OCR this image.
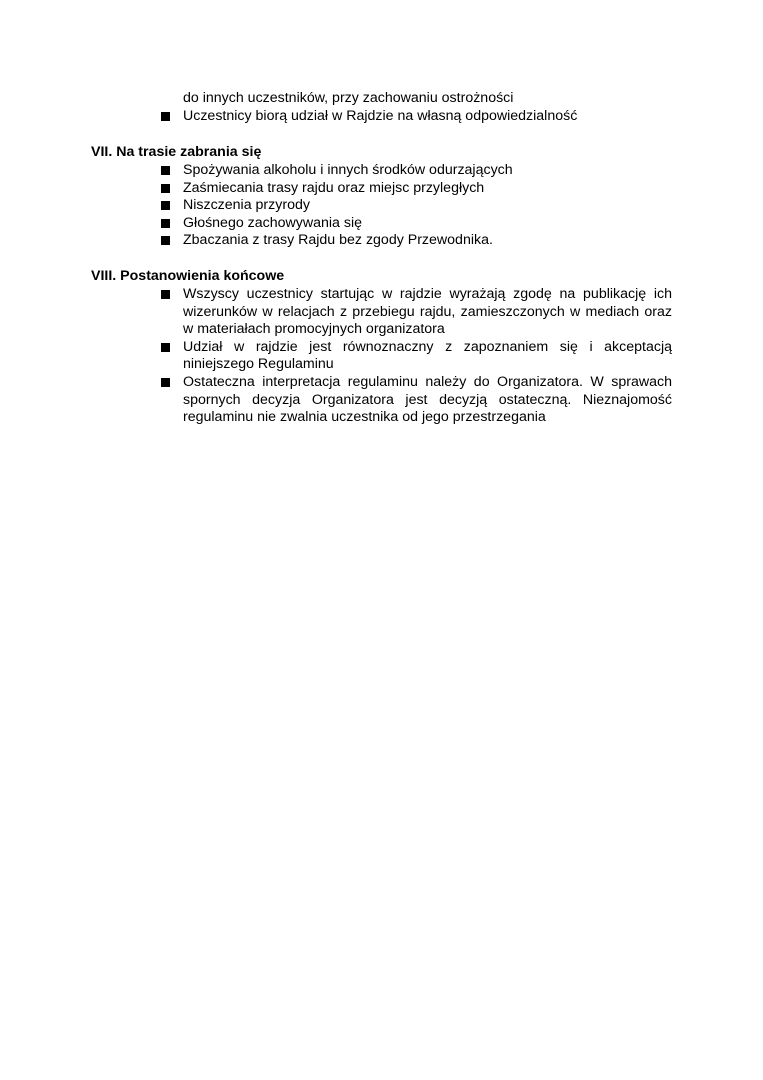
do innych uczestników, przy zachowaniu ostrożności
Uczestnicy biorą udział w Rajdzie na własną odpowiedzialność
VII. Na trasie zabrania się
Spożywania alkoholu i innych środków odurzających
Zaśmiecania trasy rajdu oraz miejsc przyległych
Niszczenia przyrody
Głośnego zachowywania się
Zbaczania z trasy Rajdu bez zgody Przewodnika.
VIII. Postanowienia końcowe
Wszyscy uczestnicy startując w rajdzie wyrażają zgodę na publikację ich wizerunków w relacjach z przebiegu rajdu, zamieszczonych w mediach oraz w materiałach promocyjnych organizatora
Udział w rajdzie jest równoznaczny z zapoznaniem się i akceptacją niniejszego Regulaminu
Ostateczna interpretacja regulaminu należy do Organizatora. W sprawach spornych decyzja Organizatora jest decyzją ostateczną. Nieznajomość regulaminu nie zwalnia uczestnika od jego przestrzegania
